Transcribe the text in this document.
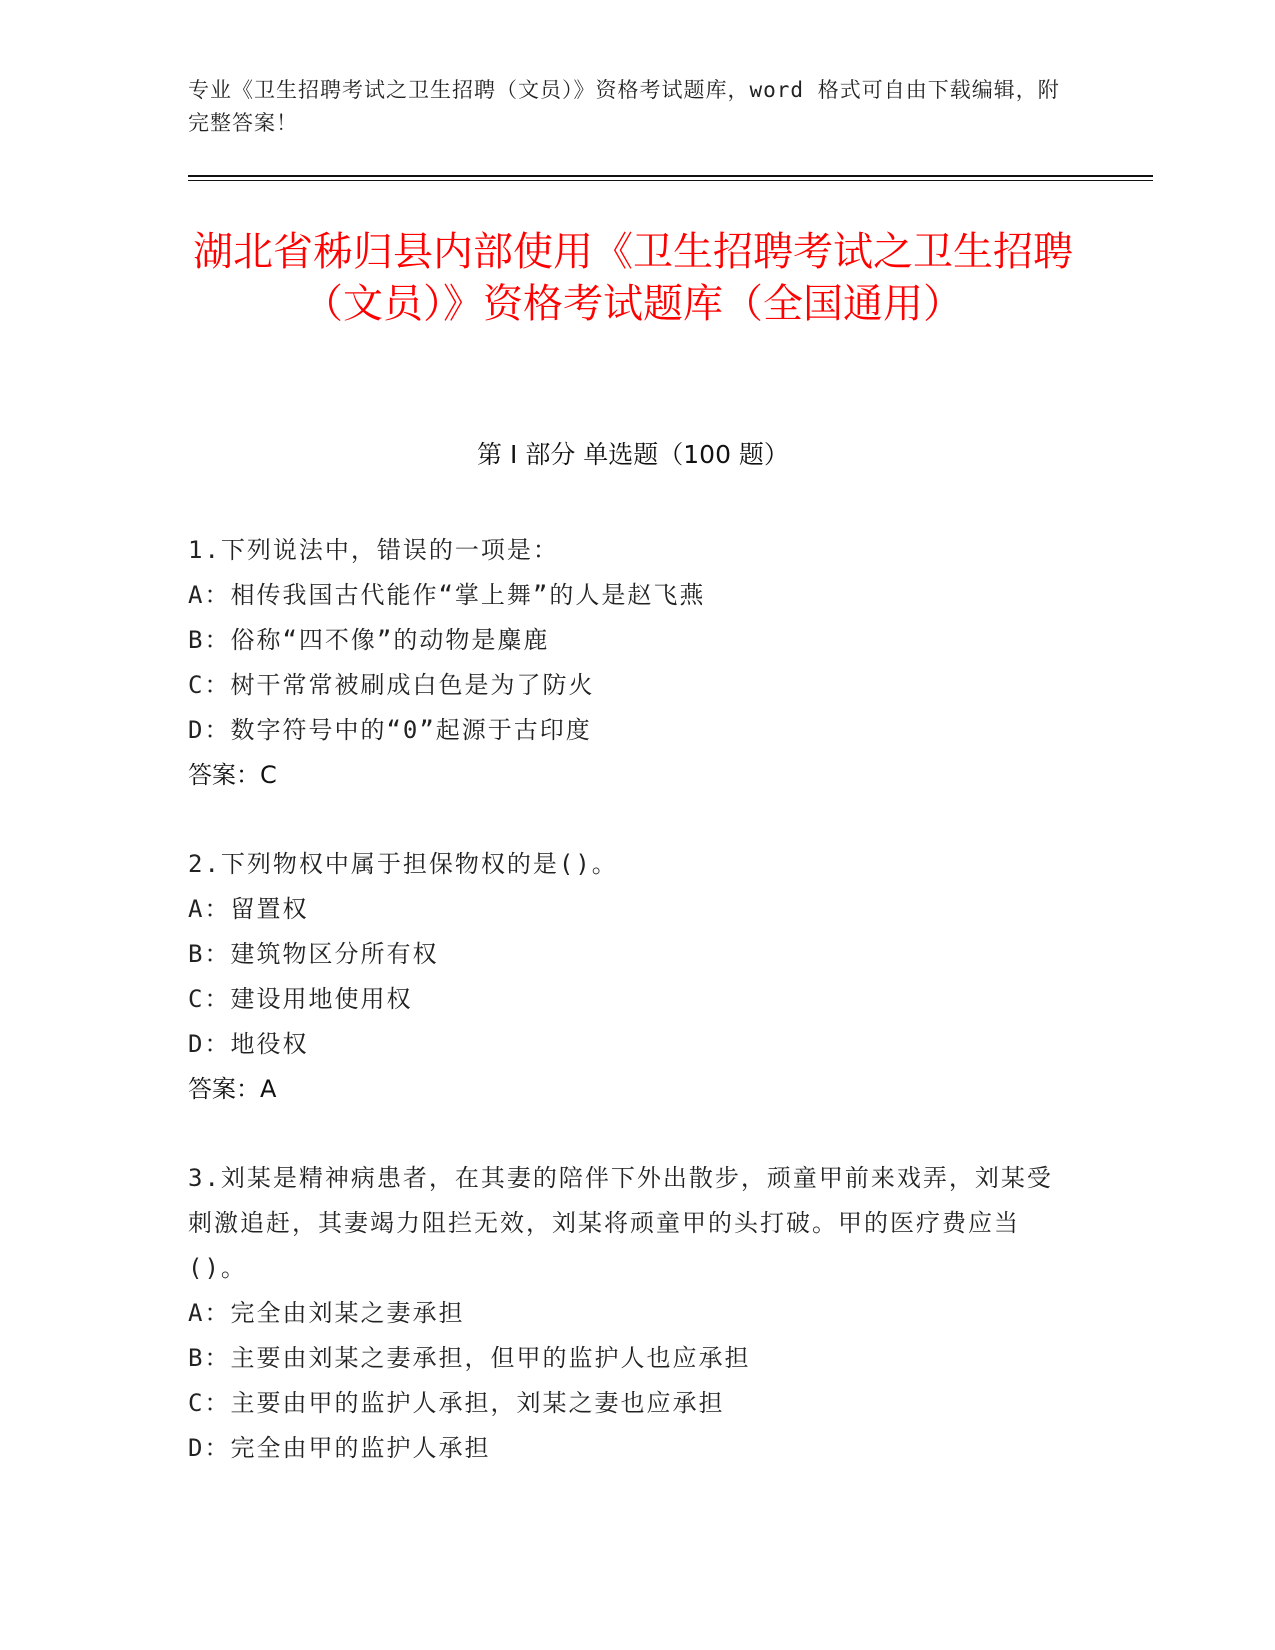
专业《卫生招聘考试之卫生招聘（文员）》资格考试题库，word 格式可自由下载编辑，附完整答案！
湖北省秭归县内部使用《卫生招聘考试之卫生招聘（文员）》资格考试题库（全国通用）
第 I 部分 单选题（100 题）
1.下列说法中，错误的一项是：
A：相传我国古代能作“掌上舞”的人是赵飞燕
B：俗称“四不像”的动物是麋鹿
C：树干常常被刷成白色是为了防火
D：数字符号中的“0”起源于古印度
答案：C
2.下列物权中属于担保物权的是()。
A：留置权
B：建筑物区分所有权
C：建设用地使用权
D：地役权
答案：A
3.刘某是精神病患者，在其妻的陪伴下外出散步，顽童甲前来戏弄，刘某受刺激追赶，其妻竭力阻拦无效，刘某将顽童甲的头打破。甲的医疗费应当()。
A：完全由刘某之妻承担
B：主要由刘某之妻承担，但甲的监护人也应承担
C：主要由甲的监护人承担，刘某之妻也应承担
D：完全由甲的监护人承担
